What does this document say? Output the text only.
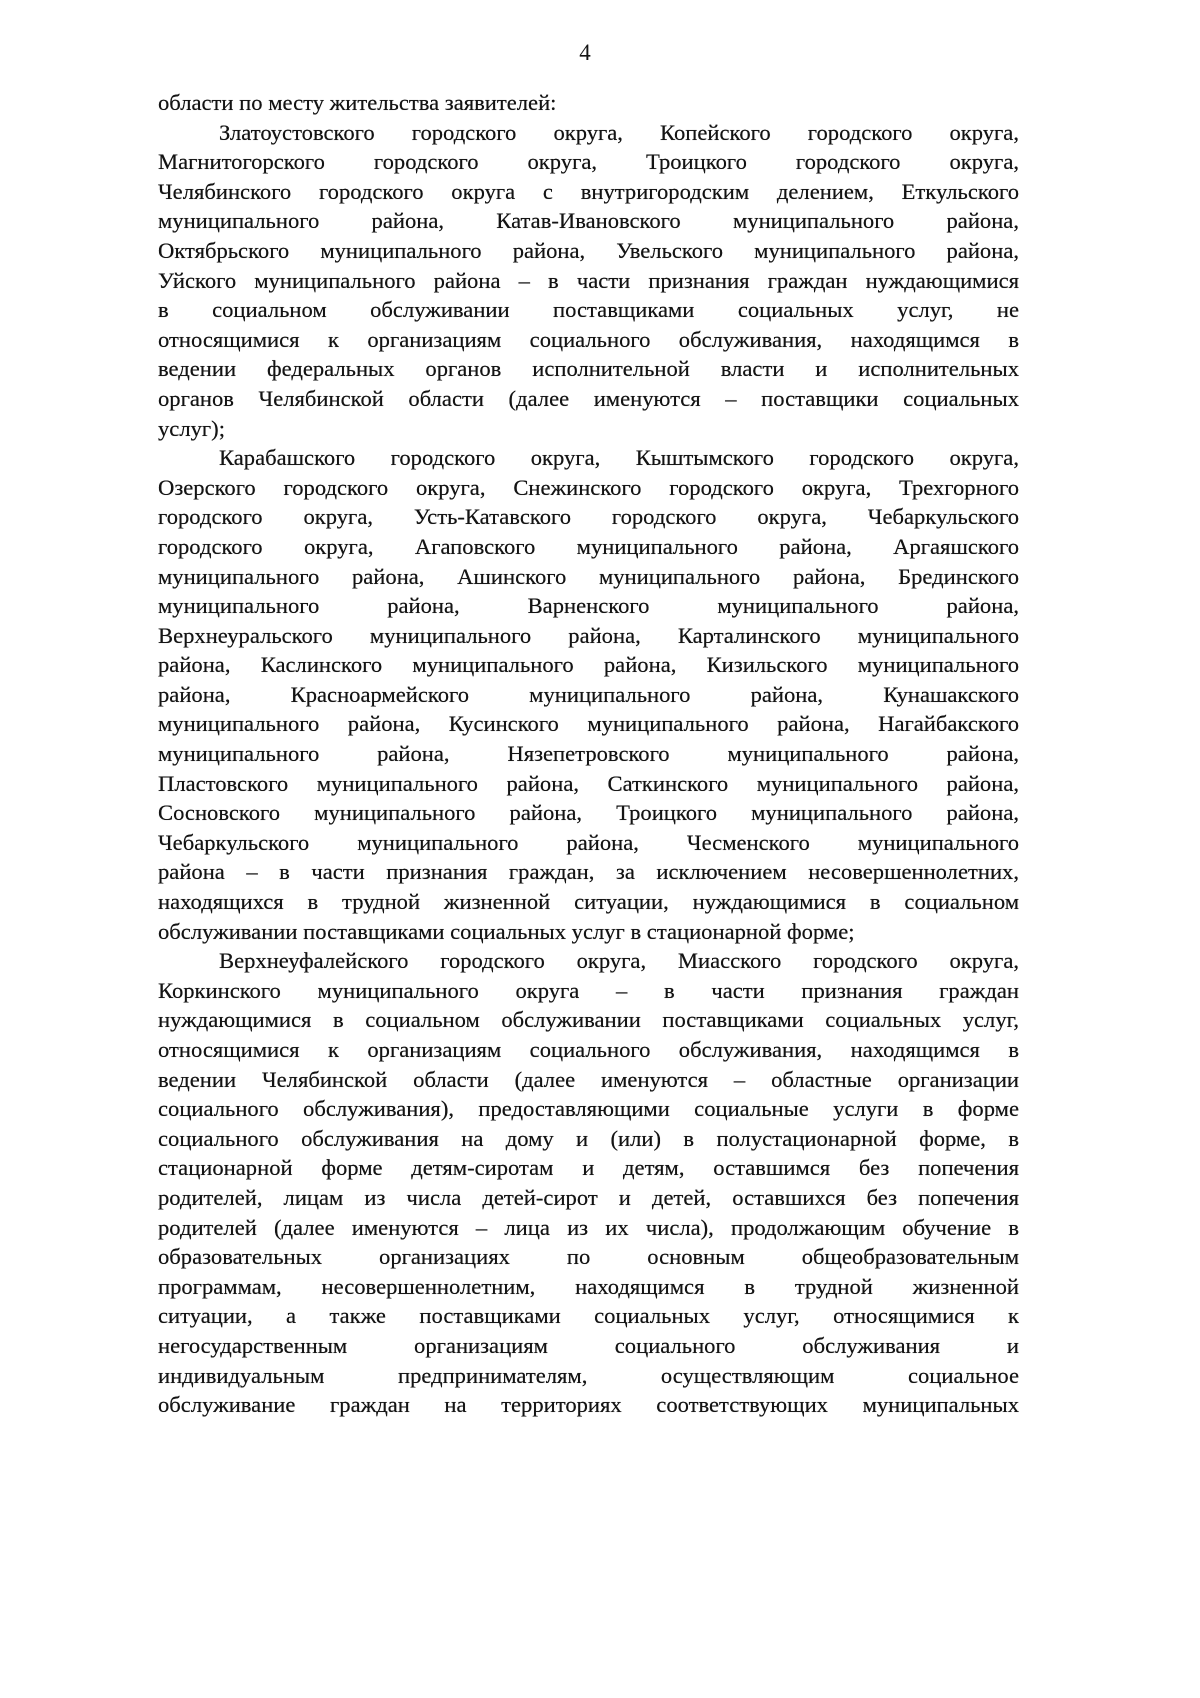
4
области по месту жительства заявителей:
Златоустовского городского округа, Копейского городского округа,
Магнитогорского городского округа, Троицкого городского округа,
Челябинского городского округа с внутригородским делением, Еткульского
муниципального района, Катав-Ивановского муниципального района,
Октябрьского муниципального района, Увельского муниципального района,
Уйского муниципального района – в части признания граждан нуждающимися
в социальном обслуживании поставщиками социальных услуг, не
относящимися к организациям социального обслуживания, находящимся в
ведении федеральных органов исполнительной власти и исполнительных
органов Челябинской области (далее именуются – поставщики социальных
услуг);
Карабашского городского округа, Кыштымского городского округа,
Озерского городского округа, Снежинского городского округа, Трехгорного
городского округа, Усть-Катавского городского округа, Чебаркульского
городского округа, Агаповского муниципального района, Аргаяшского
муниципального района, Ашинского муниципального района, Брединского
муниципального района, Варненского муниципального района,
Верхнеуральского муниципального района, Карталинского муниципального
района, Каслинского муниципального района, Кизильского муниципального
района, Красноармейского муниципального района, Кунашакского
муниципального района, Кусинского муниципального района, Нагайбакского
муниципального района, Нязепетровского муниципального района,
Пластовского муниципального района, Саткинского муниципального района,
Сосновского муниципального района, Троицкого муниципального района,
Чебаркульского муниципального района, Чесменского муниципального
района – в части признания граждан, за исключением несовершеннолетних,
находящихся в трудной жизненной ситуации, нуждающимися в социальном
обслуживании поставщиками социальных услуг в стационарной форме;
Верхнеуфалейского городского округа, Миасского городского округа,
Коркинского муниципального округа – в части признания граждан
нуждающимися в социальном обслуживании поставщиками социальных услуг,
относящимися к организациям социального обслуживания, находящимся в
ведении Челябинской области (далее именуются – областные организации
социального обслуживания), предоставляющими социальные услуги в форме
социального обслуживания на дому и (или) в полустационарной форме, в
стационарной форме детям-сиротам и детям, оставшимся без попечения
родителей, лицам из числа детей-сирот и детей, оставшихся без попечения
родителей (далее именуются – лица из их числа), продолжающим обучение в
образовательных организациях по основным общеобразовательным
программам, несовершеннолетним, находящимся в трудной жизненной
ситуации, а также поставщиками социальных услуг, относящимися к
негосударственным организациям социального обслуживания и
индивидуальным предпринимателям, осуществляющим социальное
обслуживание граждан на территориях соответствующих муниципальных
